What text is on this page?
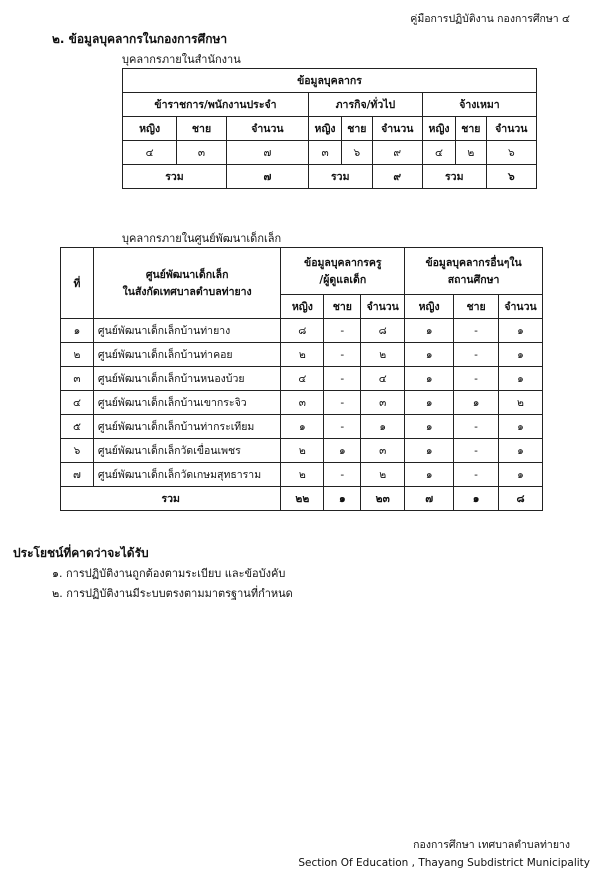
คู่มือการปฏิบัติงาน กองการศึกษา ๔
๒. ข้อมูลบุคลากรในกองการศึกษา
บุคลากรภายในสำนักงาน
ข้อมูลบุคลากร								
ข้าราชการ/พนักงานประจำ			ภารกิจ/ทั่วไป			จ้างเหมา		
หญิง	ชาย	จำนวน	หญิง	ชาย	จำนวน	หญิง	ชาย	จำนวน
๔	๓	๗	๓	๖	๙	๔	๒	๖
รวม		๗	รวม		๙	รวม		๖
บุคลากรภายในศูนย์พัฒนาเด็กเล็ก
ที่	ศูนย์พัฒนาเด็กเล็ก
ในสังกัดเทศบาลตำบลท่ายาง	ข้อมูลบุคลากรครู
/ผู้ดูแลเด็ก			ข้อมูลบุคลากรอื่นๆใน
สถานศึกษา		
		หญิง	ชาย	จำนวน	หญิง	ชาย	จำนวน
๑	ศูนย์พัฒนาเด็กเล็กบ้านท่ายาง	๘	-	๘	๑	-	๑
๒	ศูนย์พัฒนาเด็กเล็กบ้านท่าคอย	๒	-	๒	๑	-	๑
๓	ศูนย์พัฒนาเด็กเล็กบ้านหนองบ้วย	๔	-	๔	๑	-	๑
๔	ศูนย์พัฒนาเด็กเล็กบ้านเขากระจิว	๓	-	๓	๑	๑	๒
๕	ศูนย์พัฒนาเด็กเล็กบ้านท่ากระเทียม	๑	-	๑	๑	-	๑
๖	ศูนย์พัฒนาเด็กเล็กวัดเขื่อนเพชร	๒	๑	๓	๑	-	๑
๗	ศูนย์พัฒนาเด็กเล็กวัดเกษมสุทธาราม	๒	-	๒	๑	-	๑
รวม		๒๒	๑	๒๓	๗	๑	๘
ประโยชน์ที่คาดว่าจะได้รับ
๑. การปฏิบัติงานถูกต้องตามระเบียบ และข้อบังคับ
๒. การปฏิบัติงานมีระบบตรงตามมาตรฐานที่กำหนด
กองการศึกษา เทศบาลตำบลท่ายาง
Section Of Education , Thayang Subdistrict Municipality
